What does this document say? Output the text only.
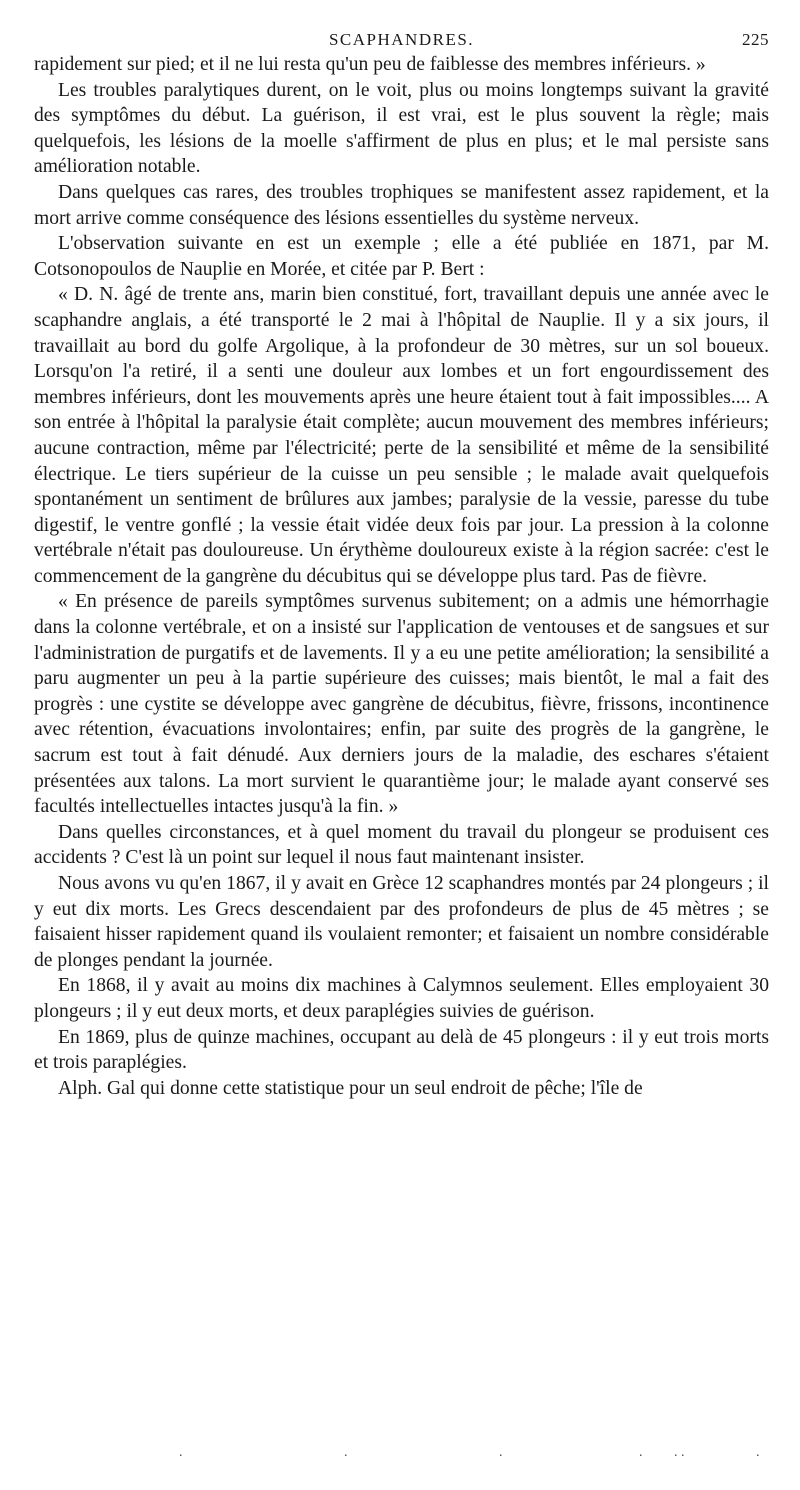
SCAPHANDRES.	225

rapidement sur pied; et il ne lui resta qu'un peu de faiblesse des membres inférieurs. »

Les troubles paralytiques durent, on le voit, plus ou moins longtemps suivant la gravité des symptômes du début. La guérison, il est vrai, est le plus souvent la règle; mais quelquefois, les lésions de la moelle s'affirment de plus en plus; et le mal persiste sans amélioration notable.

Dans quelques cas rares, des troubles trophiques se manifestent assez rapidement, et la mort arrive comme conséquence des lésions essentielles du système nerveux.

L'observation suivante en est un exemple ; elle a été publiée en 1871, par M. Cotsonopoulos de Nauplie en Morée, et citée par P. Bert :

« D. N. âgé de trente ans, marin bien constitué, fort, travaillant depuis une année avec le scaphandre anglais, a été transporté le 2 mai à l'hôpital de Nauplie. Il y a six jours, il travaillait au bord du golfe Argolique, à la profondeur de 30 mètres, sur un sol boueux. Lorsqu'on l'a retiré, il a senti une douleur aux lombes et un fort engourdissement des membres inférieurs, dont les mouvements après une heure étaient tout à fait impossibles.... A son entrée à l'hôpital la paralysie était complète; aucun mouvement des membres inférieurs; aucune contraction, même par l'électricité; perte de la sensibilité et même de la sensibilité électrique. Le tiers supérieur de la cuisse un peu sensible ; le malade avait quelquefois spontanément un sentiment de brûlures aux jambes; paralysie de la vessie, paresse du tube digestif, le ventre gonflé ; la vessie était vidée deux fois par jour. La pression à la colonne vertébrale n'était pas douloureuse. Un érythème douloureux existe à la région sacrée: c'est le commencement de la gangrène du décubitus qui se développe plus tard. Pas de fièvre.

« En présence de pareils symptômes survenus subitement; on a admis une hémorrhagie dans la colonne vertébrale, et on a insisté sur l'application de ventouses et de sangsues et sur l'administration de purgatifs et de lavements. Il y a eu une petite amélioration; la sensibilité a paru augmenter un peu à la partie supérieure des cuisses; mais bientôt, le mal a fait des progrès : une cystite se développe avec gangrène de décubitus, fièvre, frissons, incontinence avec rétention, évacuations involontaires; enfin, par suite des progrès de la gangrène, le sacrum est tout à fait dénudé. Aux derniers jours de la maladie, des eschares s'étaient présentées aux talons. La mort survient le quarantième jour; le malade ayant conservé ses facultés intellectuelles intactes jusqu'à la fin. »

Dans quelles circonstances, et à quel moment du travail du plongeur se produisent ces accidents ? C'est là un point sur lequel il nous faut maintenant insister.

Nous avons vu qu'en 1867, il y avait en Grèce 12 scaphandres montés par 24 plongeurs ; il y eut dix morts. Les Grecs descendaient par des profondeurs de plus de 45 mètres ; se faisaient hisser rapidement quand ils voulaient remonter; et faisaient un nombre considérable de plonges pendant la journée.

En 1868, il y avait au moins dix machines à Calymnos seulement. Elles employaient 30 plongeurs ; il y eut deux morts, et deux paraplégies suivies de guérison.

En 1869, plus de quinze machines, occupant au delà de 45 plongeurs : il y eut trois morts et trois paraplégies.

Alph. Gal qui donne cette statistique pour un seul endroit de pêche; l'île de

.	.	.	. . .	.
